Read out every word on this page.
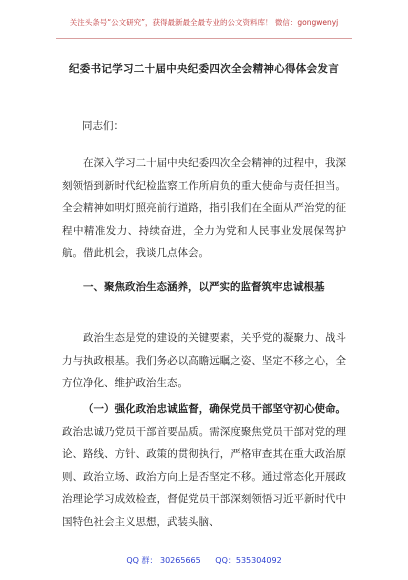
关注头条号“公文研究”，获得最新最全最专业的公文资料库！ 微信：gongwenyj
纪委书记学习二十届中央纪委四次全会精神心得体会发言
同志们：

在深入学习二十届中央纪委四次全会精神的过程中，我深刻领悟到新时代纪检监察工作所肩负的重大使命与责任担当。全会精神如明灯照亮前行道路，指引我们在全面从严治党的征程中精准发力、持续奋进，全力为党和人民事业发展保驾护航。借此机会，我谈几点体会。

一、聚焦政治生态涵养，以严实的监督筑牢忠诚根基

政治生态是党的建设的关键要素，关乎党的凝聚力、战斗力与执政根基。我们务必以高瞻远瞩之姿、坚定不移之心，全方位净化、维护政治生态。

（一）强化政治忠诚监督，确保党员干部坚守初心使命。政治忠诚乃党员干部首要品质。需深度聚焦党员干部对党的理论、路线、方针、政策的贯彻执行，严格审查其在重大政治原则、政治立场、政治方向上是否坚定不移。通过常态化开展政治理论学习成效检查，督促党员干部深刻领悟习近平新时代中国特色社会主义思想，武装头脑、

QQ 群： 30265665 QQ：535304092
